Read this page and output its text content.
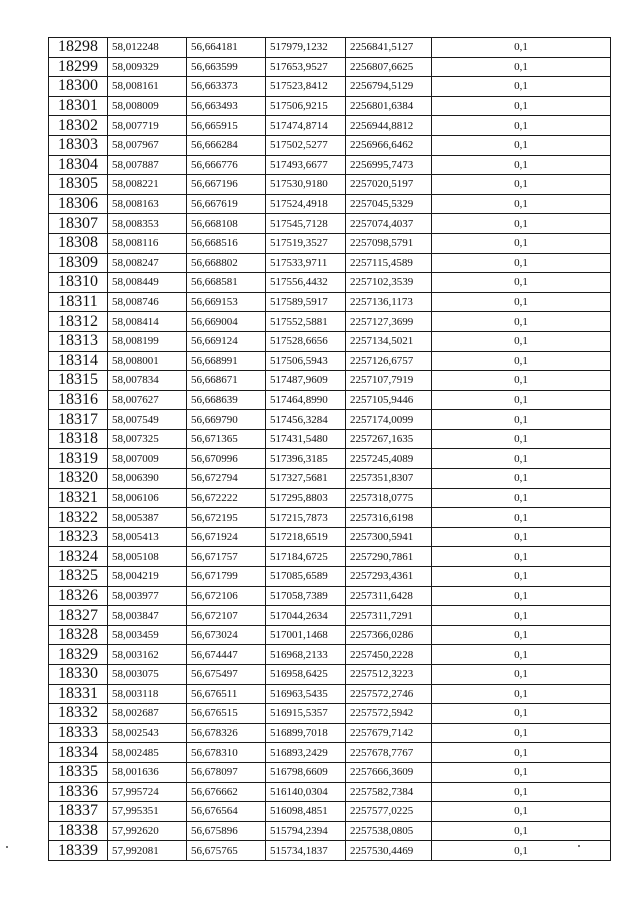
18298	58,012248	56,664181	517979,1232	2256841,5127	0,1
18299	58,009329	56,663599	517653,9527	2256807,6625	0,1
18300	58,008161	56,663373	517523,8412	2256794,5129	0,1
18301	58,008009	56,663493	517506,9215	2256801,6384	0,1
18302	58,007719	56,665915	517474,8714	2256944,8812	0,1
18303	58,007967	56,666284	517502,5277	2256966,6462	0,1
18304	58,007887	56,666776	517493,6677	2256995,7473	0,1
18305	58,008221	56,667196	517530,9180	2257020,5197	0,1
18306	58,008163	56,667619	517524,4918	2257045,5329	0,1
18307	58,008353	56,668108	517545,7128	2257074,4037	0,1
18308	58,008116	56,668516	517519,3527	2257098,5791	0,1
18309	58,008247	56,668802	517533,9711	2257115,4589	0,1
18310	58,008449	56,668581	517556,4432	2257102,3539	0,1
18311	58,008746	56,669153	517589,5917	2257136,1173	0,1
18312	58,008414	56,669004	517552,5881	2257127,3699	0,1
18313	58,008199	56,669124	517528,6656	2257134,5021	0,1
18314	58,008001	56,668991	517506,5943	2257126,6757	0,1
18315	58,007834	56,668671	517487,9609	2257107,7919	0,1
18316	58,007627	56,668639	517464,8990	2257105,9446	0,1
18317	58,007549	56,669790	517456,3284	2257174,0099	0,1
18318	58,007325	56,671365	517431,5480	2257267,1635	0,1
18319	58,007009	56,670996	517396,3185	2257245,4089	0,1
18320	58,006390	56,672794	517327,5681	2257351,8307	0,1
18321	58,006106	56,672222	517295,8803	2257318,0775	0,1
18322	58,005387	56,672195	517215,7873	2257316,6198	0,1
18323	58,005413	56,671924	517218,6519	2257300,5941	0,1
18324	58,005108	56,671757	517184,6725	2257290,7861	0,1
18325	58,004219	56,671799	517085,6589	2257293,4361	0,1
18326	58,003977	56,672106	517058,7389	2257311,6428	0,1
18327	58,003847	56,672107	517044,2634	2257311,7291	0,1
18328	58,003459	56,673024	517001,1468	2257366,0286	0,1
18329	58,003162	56,674447	516968,2133	2257450,2228	0,1
18330	58,003075	56,675497	516958,6425	2257512,3223	0,1
18331	58,003118	56,676511	516963,5435	2257572,2746	0,1
18332	58,002687	56,676515	516915,5357	2257572,5942	0,1
18333	58,002543	56,678326	516899,7018	2257679,7142	0,1
18334	58,002485	56,678310	516893,2429	2257678,7767	0,1
18335	58,001636	56,678097	516798,6609	2257666,3609	0,1
18336	57,995724	56,676662	516140,0304	2257582,7384	0,1
18337	57,995351	56,676564	516098,4851	2257577,0225	0,1
18338	57,992620	56,675896	515794,2394	2257538,0805	0,1
18339	57,992081	56,675765	515734,1837	2257530,4469	0,1
